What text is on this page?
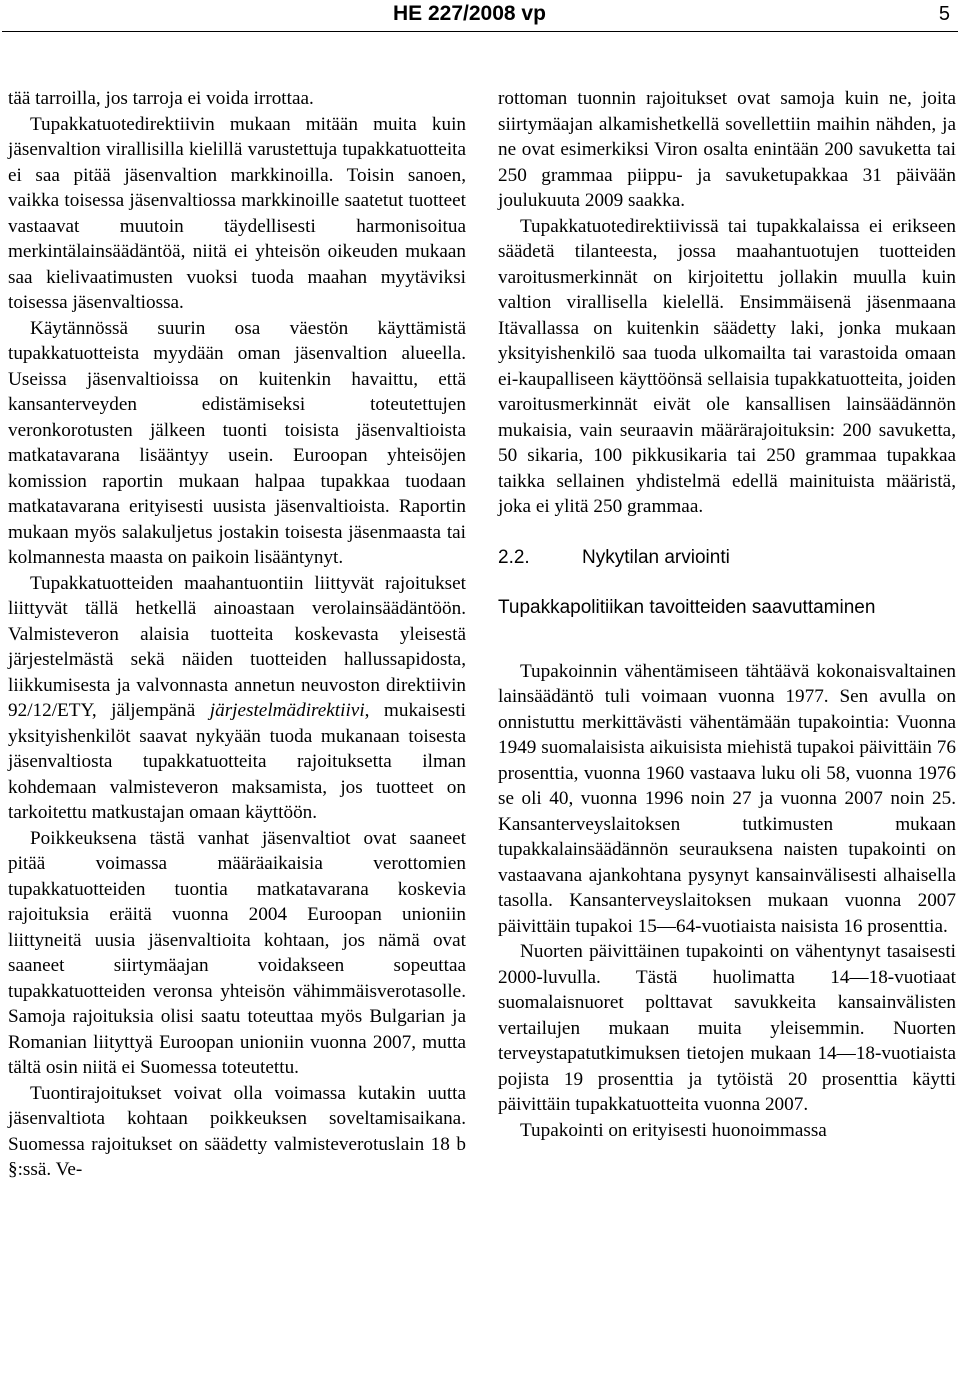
HE 227/2008 vp	5

tää tarroilla, jos tarroja ei voida irrottaa.

Tupakkatuotedirektiivin mukaan mitään muita kuin jäsenvaltion virallisilla kielillä varustettuja tupakkatuotteita ei saa pitää jäsenvaltion markkinoilla. Toisin sanoen, vaikka toisessa jäsenvaltiossa markkinoille saatetut tuotteet vastaavat muutoin täydellisesti harmonisoitua merkintälainsäädäntöä, niitä ei yhteisön oikeuden mukaan saa kielivaatimusten vuoksi tuoda maahan myytäviksi toisessa jäsenvaltiossa.

Käytännössä suurin osa väestön käyttämistä tupakkatuotteista myydään oman jäsenvaltion alueella. Useissa jäsenvaltioissa on kuitenkin havaittu, että kansanterveyden edistämiseksi toteutettujen veronkorotusten jälkeen tuonti toisista jäsenvaltioista matkatavarana lisääntyy usein. Euroopan yhteisöjen komission raportin mukaan halpaa tupakkaa tuodaan matkatavarana erityisesti uusista jäsenvaltioista. Raportin mukaan myös salakuljetus jostakin toisesta jäsenmaasta tai kolmannesta maasta on paikoin lisääntynyt.

Tupakkatuotteiden maahantuontiin liittyvät rajoitukset liittyvät tällä hetkellä ainoastaan verolainsäädäntöön. Valmisteveron alaisia tuotteita koskevasta yleisestä järjestelmästä sekä näiden tuotteiden hallussapidosta, liikkumisesta ja valvonnasta annetun neuvoston direktiivin 92/12/ETY, jäljempänä järjestelmädirektiivi, mukaisesti yksityishenkilöt saavat nykyään tuoda mukanaan toisesta jäsenvaltiosta tupakkatuotteita rajoituksetta ilman kohdemaan valmisteveron maksamista, jos tuotteet on tarkoitettu matkustajan omaan käyttöön.

Poikkeuksena tästä vanhat jäsenvaltiot ovat saaneet pitää voimassa määräaikaisia verottomien tupakkatuotteiden tuontia matkatavarana koskevia rajoituksia eräitä vuonna 2004 Euroopan unioniin liittyneitä uusia jäsenvaltioita kohtaan, jos nämä ovat saaneet siirtymäajan voidakseen sopeuttaa tupakkatuotteiden veronsa yhteisön vähimmäisverotasolle. Samoja rajoituksia olisi saatu toteuttaa myös Bulgarian ja Romanian liityttyä Euroopan unioniin vuonna 2007, mutta tältä osin niitä ei Suomessa toteutettu.

Tuontirajoitukset voivat olla voimassa kutakin uutta jäsenvaltiota kohtaan poikkeuksen soveltamisaikana. Suomessa rajoitukset on säädetty valmisteverotuslain 18 b §:ssä. Ve-

rottoman tuonnin rajoitukset ovat samoja kuin ne, joita siirtymäajan alkamishetkellä sovellettiin maihin nähden, ja ne ovat esimerkiksi Viron osalta enintään 200 savuketta tai 250 grammaa piippu- ja savuketupakkaa 31 päivään joulukuuta 2009 saakka.

Tupakkatuotedirektiivissä tai tupakkalaissa ei erikseen säädetä tilanteesta, jossa maahantuotujen tuotteiden varoitusmerkinnät on kirjoitettu jollakin muulla kuin valtion virallisella kielellä. Ensimmäisenä jäsenmaana Itävallassa on kuitenkin säädetty laki, jonka mukaan yksityishenkilö saa tuoda ulkomailta tai varastoida omaan ei-kaupalliseen käyttöönsä sellaisia tupakkatuotteita, joiden varoitusmerkinnät eivät ole kansallisen lainsäädännön mukaisia, vain seuraavin määrärajoituksin: 200 savuketta, 50 sikaria, 100 pikkusikaria tai 250 grammaa tupakkaa taikka sellainen yhdistelmä edellä mainituista määristä, joka ei ylitä 250 grammaa.

2.2.	Nykytilan arviointi

Tupakkapolitiikan tavoitteiden saavuttaminen

Tupakoinnin vähentämiseen tähtäävä kokonaisvaltainen lainsäädäntö tuli voimaan vuonna 1977. Sen avulla on onnistuttu merkittävästi vähentämään tupakointia: Vuonna 1949 suomalaisista aikuisista miehistä tupakoi päivittäin 76 prosenttia, vuonna 1960 vastaava luku oli 58, vuonna 1976 se oli 40, vuonna 1996 noin 27 ja vuonna 2007 noin 25. Kansanterveyslaitoksen tutkimusten mukaan tupakkalainsäädännön seurauksena naisten tupakointi on vastaavana ajankohtana pysynyt kansainvälisesti alhaisella tasolla. Kansanterveyslaitoksen mukaan vuonna 2007 päivittäin tupakoi 15—64-vuotiaista naisista 16 prosenttia.

Nuorten päivittäinen tupakointi on vähentynyt tasaisesti 2000-luvulla. Tästä huolimatta 14—18-vuotiaat suomalaisnuoret polttavat savukkeita kansainvälisten vertailujen mukaan muita yleisemmin. Nuorten terveystapatutkimuksen tietojen mukaan 14—18-vuotiaista pojista 19 prosenttia ja tytöistä 20 prosenttia käytti päivittäin tupakkatuotteita vuonna 2007.

Tupakointi on erityisesti huonoimmassa
